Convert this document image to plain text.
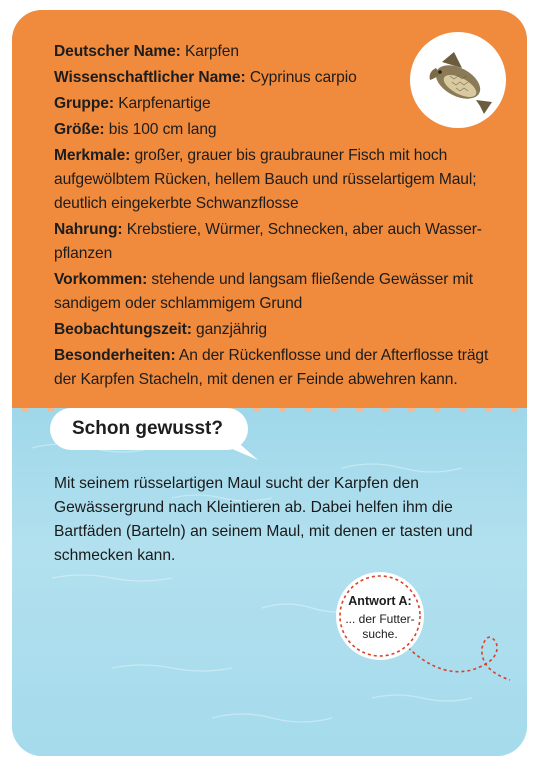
▬ ▬	▬ ▬ ▬ ▬ ▬ ▬ ▬ ▬ ▬ ▬ ▬

Deutscher Name: Karpfen

Wissenschaftlicher Name: Cyprinus carpio

Gruppe: Karpfenartige

Größe: bis 100 cm lang

Merkmale: großer, grauer bis graubrauner Fisch mit hoch aufgewölbtem Rücken, hellem Bauch und rüsselartigem Maul; deutlich eingekerbte Schwanzflosse

Nahrung: Krebstiere, Würmer, Schnecken, aber auch Wasser-pflanzen

Vorkommen: stehende und langsam fließende Gewässer mit sandigem oder schlammigem Grund

Beobachtungszeit: ganzjährig

Besonderheiten: An der Rückenflosse und der Afterflosse trägt der Karpfen Stacheln, mit denen er Feinde abwehren kann.

Schon gewusst?
Mit seinem rüsselartigen Maul sucht der Karpfen den Gewässergrund nach Kleintieren ab. Dabei helfen ihm die Bartfäden (Barteln) an seinem Maul, mit denen er tasten und schmecken kann.
Antwort A:
... der Futter-
suche.
